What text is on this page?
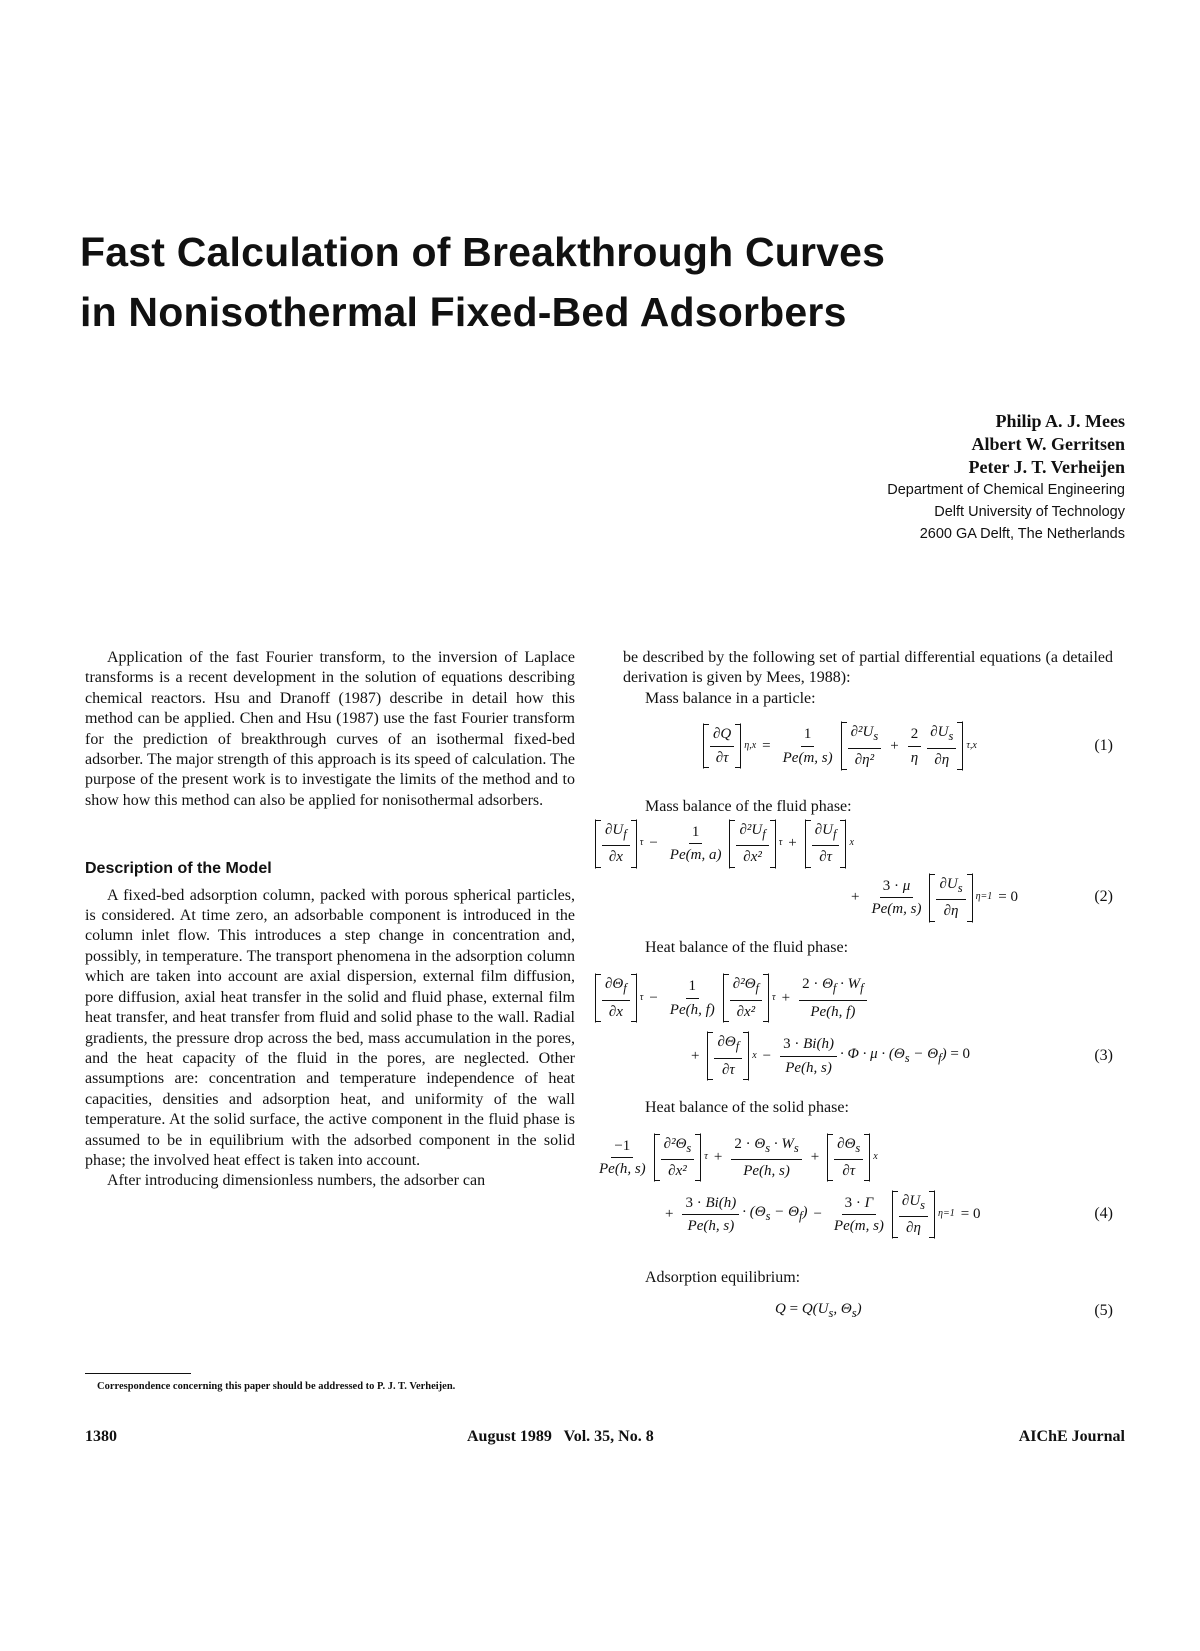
Fast Calculation of Breakthrough Curves
in Nonisothermal Fixed-Bed Adsorbers
Philip A. J. Mees
Albert W. Gerritsen
Peter J. T. Verheijen
Department of Chemical Engineering
Delft University of Technology
2600 GA Delft, The Netherlands

Application of the fast Fourier transform, to the inversion of Laplace transforms is a recent development in the solution of equations describing chemical reactors. Hsu and Dranoff (1987) describe in detail how this method can be applied. Chen and Hsu (1987) use the fast Fourier transform for the prediction of breakthrough curves of an isothermal fixed-bed adsorber. The major strength of this approach is its speed of calculation. The purpose of the present work is to investigate the limits of the method and to show how this method can also be applied for nonisothermal adsorbers.

Description of the Model

A fixed-bed adsorption column, packed with porous spherical particles, is considered. At time zero, an adsorbable component is introduced in the column inlet flow. This introduces a step change in concentration and, possibly, in temperature. The transport phenomena in the adsorption column which are taken into account are axial dispersion, external film diffusion, pore diffusion, axial heat transfer in the solid and fluid phase, external film heat transfer, and heat transfer from fluid and solid phase to the wall. Radial gradients, the pressure drop across the bed, mass accumulation in the pores, and the heat capacity of the fluid in the pores, are neglected. Other assumptions are: concentration and temperature independence of heat capacities, densities and adsorption heat, and uniformity of the wall temperature. At the solid surface, the active component in the fluid phase is assumed to be in equilibrium with the adsorbed component in the solid phase; the involved heat effect is taken into account.

After introducing dimensionless numbers, the adsorber can

be described by the following set of partial differential equations (a detailed derivation is given by Mees, 1988):

Mass balance in a particle:

$\frac{\partial Q}{\partial\tau} \eta,x = \frac{1}{Pe(m, s)} \frac{\partial^2U_s}{\text{∂η²}} + \frac{2}{\eta} \frac{\partial U_s}{\partial\eta} \tau,x$	(1)

Mass balance of the fluid phase:

$\frac{\partial U_f}{\partial x}$ $\tau - \frac{1}{Pe(m, a)} \frac{\partial^2U_f}{\text{∂x²}}$ $\tau + \frac{\partial U_f}{\partial\tau}$ x
+ $\frac{3 \cdot \mu}{Pe(m, s)} \frac{\partial U_s}{\partial\eta} \eta=1 = 0$	(2)

Heat balance of the fluid phase:

$\frac{\partial\Theta_f}{\partial x}$ $\tau - \frac{1}{Pe(h, f)} \frac{\partial^2\Theta_f}{\text{∂x²}}$ $\tau + \frac{2 \cdot \Theta_f \cdot W_f}{Pe(h, f)}$
+ $\frac{\partial\Theta_f}{\partial\tau}$ $x - \frac{3 \cdot Bi(h)}{Pe(h, s)} \cdot \Phi \cdot \mu \cdot (\Theta_s - \Theta_f) = 0$	(3)

Heat balance of the solid phase:

$\frac{-1}{Pe(h, s)} \frac{\partial^2\Theta_s}{\text{∂x²}}$ $\tau + \frac{2 \cdot \Theta_s \cdot W_s}{Pe(h, s)} + \frac{\partial\Theta_s}{\partial\tau}$ x
+ $\frac{3 \cdot Bi(h)}{Pe(h, s)} \cdot (\Theta_s - \Theta_f) - \frac{3 \cdot \Gamma}{Pe(m, s)} \frac{\partial U_s}{\partial\eta} \eta=1 = 0$	(4)

Adsorption equilibrium:

$Q = Q(U_s$, $\Theta_s$)	(5)
Correspondence concerning this paper should be addressed to P. J. T. Verheijen.
1380	August 1989   Vol. 35, No. 8	AIChE Journal
